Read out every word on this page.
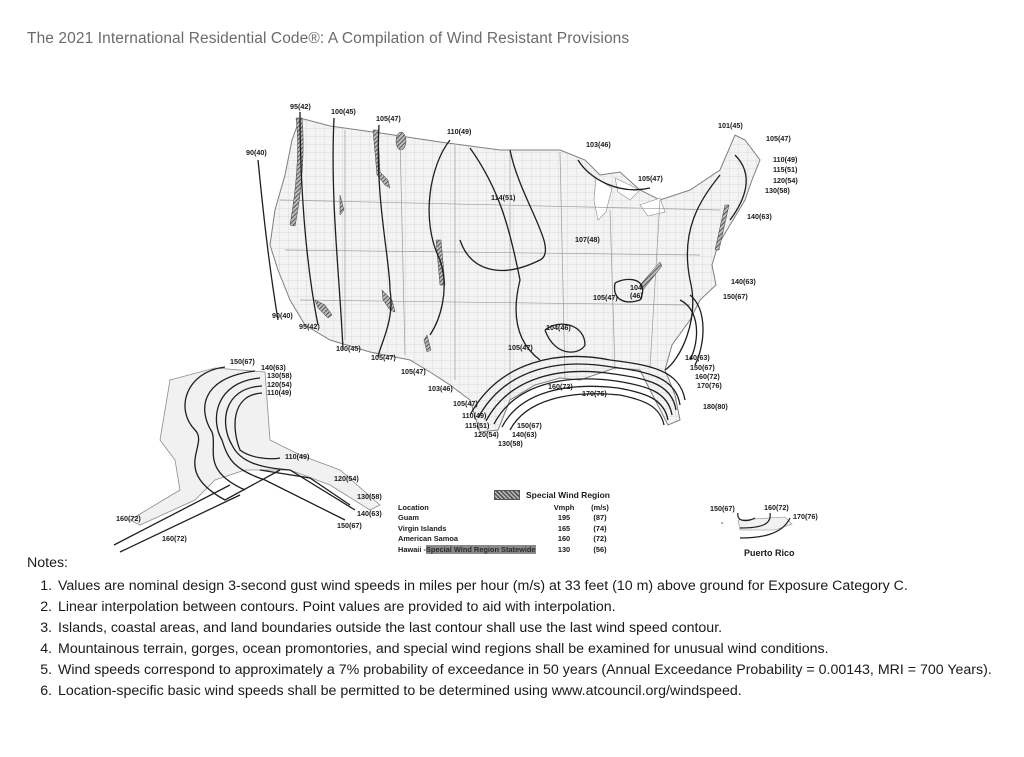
The 2021 International Residential Code®: A Compilation of Wind Resistant Provisions
95(42)
100(45)
105(47)
110(49)
90(40)
114(51)
103(46)
105(47)
107(48)
101(45)
105(47)
110(49)
115(51)
120(54)
130(58)
140(63)
140(63)
150(67)
104
(46)
105(47)
104(46)
105(47)
90(40)
95(42)
100(45)
105(47)
105(47)
103(46)
105(47)
110(49)
115(51)
120(54)
130(58)
150(67)
140(63)
160(72)
170(76)
140(63)
150(67)
160(72)
170(76)
180(80)
150(67)
140(63)
130(58)
120(54)
110(49)
110(49)
120(54)
130(58)
140(63)
150(67)
160(72)
160(72)
150(67)	160(72)
170(76)
Special Wind Region
Location	Vmph	(m/s)
Guam	195	(87)
Virgin Islands	165	(74)
American Samoa	160	(72)
Hawaii -Special Wind Region Statewide	130	(56)	Puerto Rico
Notes:
1. Values are nominal design 3-second gust wind speeds in miles per hour (m/s) at 33 feet (10 m) above ground for Exposure Category C.
2. Linear interpolation between contours. Point values are provided to aid with interpolation.
3. Islands, coastal areas, and land boundaries outside the last contour shall use the last wind speed contour.
4. Mountainous terrain, gorges, ocean promontories, and special wind regions shall be examined for unusual wind conditions.
5. Wind speeds correspond to approximately a 7% probability of exceedance in 50 years (Annual Exceedance Probability = 0.00143, MRI = 700 Years).
6. Location-specific basic wind speeds shall be permitted to be determined using www.atcouncil.org/windspeed.
